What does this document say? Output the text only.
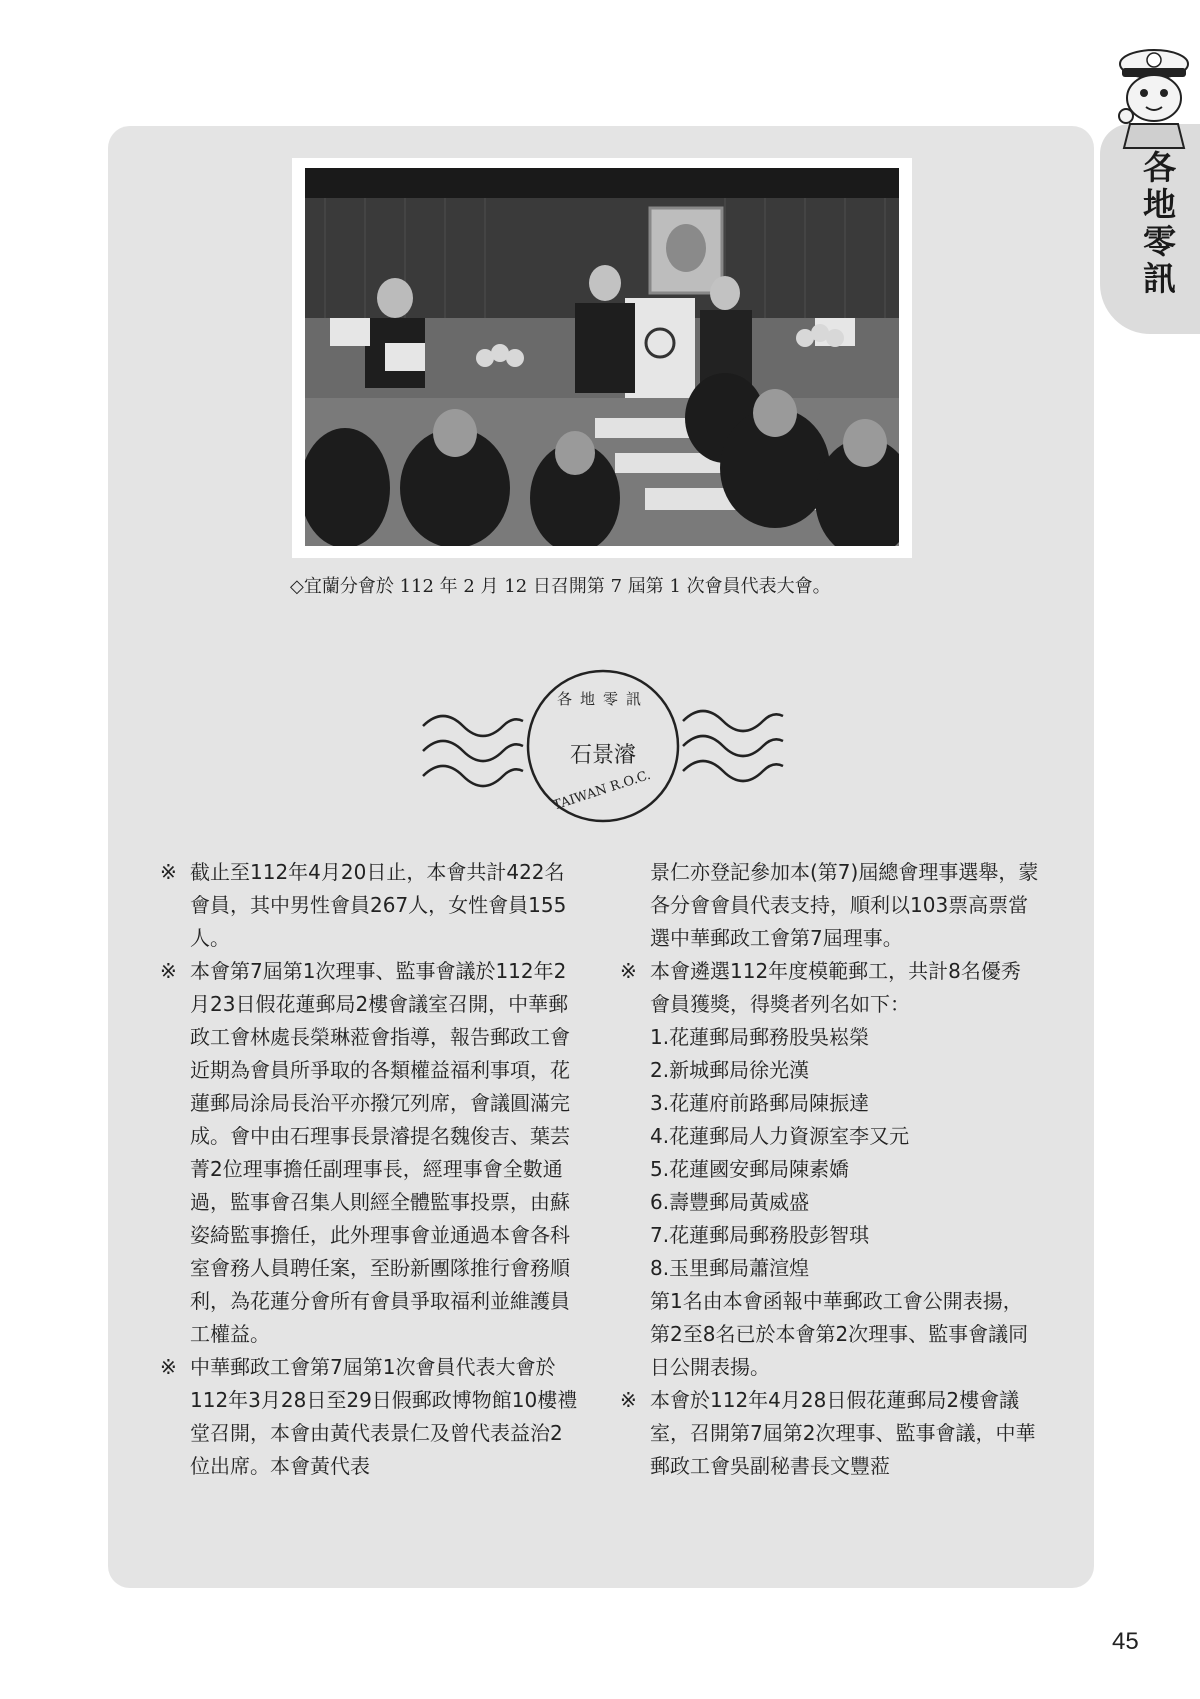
各地零訊
◇宜蘭分會於 112 年 2 月 12 日召開第 7 屆第 1 次會員代表大會。
各地零訊
石景濬
TAIWAN R.O.C.

※ 截止至112年4月20日止，本會共計422名會員，其中男性會員267人，女性會員155人。

※ 本會第7屆第1次理事、監事會議於112年2月23日假花蓮郵局2樓會議室召開，中華郵政工會林處長榮琳蒞會指導，報告郵政工會近期為會員所爭取的各類權益福利事項，花蓮郵局涂局長治平亦撥冗列席，會議圓滿完成。會中由石理事長景濬提名魏俊吉、葉芸菁2位理事擔任副理事長，經理事會全數通過，監事會召集人則經全體監事投票，由蘇姿綺監事擔任，此外理事會並通過本會各科室會務人員聘任案，至盼新團隊推行會務順利，為花蓮分會所有會員爭取福利並維護員工權益。

※ 中華郵政工會第7屆第1次會員代表大會於112年3月28日至29日假郵政博物館10樓禮堂召開，本會由黃代表景仁及曾代表益治2位出席。本會黃代表

景仁亦登記參加本(第7)屆總會理事選舉，蒙各分會會員代表支持，順利以103票高票當選中華郵政工會第7屆理事。

※ 本會遴選112年度模範郵工，共計8名優秀會員獲獎，得獎者列名如下：

1.花蓮郵局郵務股吳崧榮

2.新城郵局徐光漢

3.花蓮府前路郵局陳振達

4.花蓮郵局人力資源室李又元

5.花蓮國安郵局陳素嬌

6.壽豐郵局黃威盛

7.花蓮郵局郵務股彭智琪

8.玉里郵局蕭渲煌

第1名由本會函報中華郵政工會公開表揚，第2至8名已於本會第2次理事、監事會議同日公開表揚。

※ 本會於112年4月28日假花蓮郵局2樓會議室，召開第7屆第2次理事、監事會議，中華郵政工會吳副秘書長文豐蒞

45
